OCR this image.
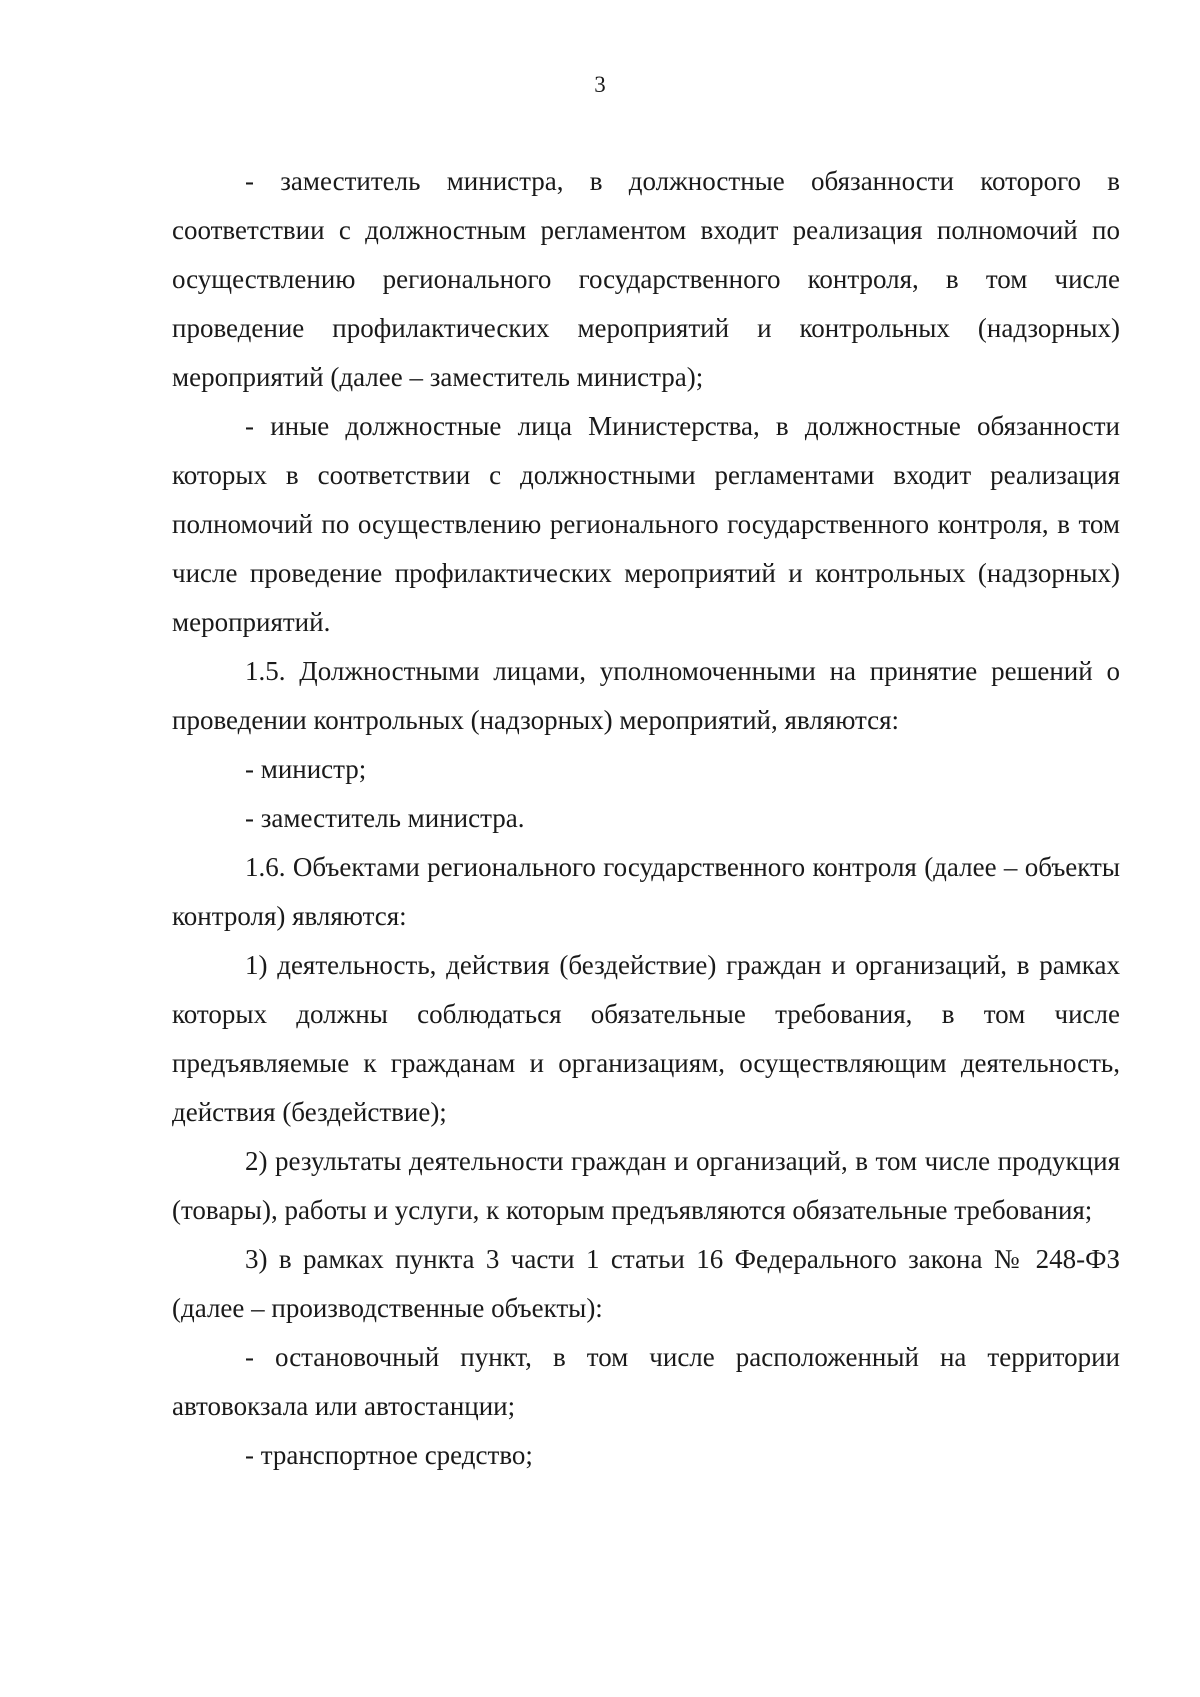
3

- заместитель министра, в должностные обязанности которого в соответствии с должностным регламентом входит реализация полномочий по осуществлению регионального государственного контроля, в том числе проведение профилактических мероприятий и контрольных (надзорных) мероприятий (далее – заместитель министра);

- иные должностные лица Министерства, в должностные обязанности которых в соответствии с должностными регламентами входит реализация полномочий по осуществлению регионального государственного контроля, в том числе проведение профилактических мероприятий и контрольных (надзорных) мероприятий.

1.5. Должностными лицами, уполномоченными на принятие решений о проведении контрольных (надзорных) мероприятий, являются:

- министр;

- заместитель министра.

1.6. Объектами регионального государственного контроля (далее – объекты контроля) являются:

1) деятельность, действия (бездействие) граждан и организаций, в рамках которых должны соблюдаться обязательные требования, в том числе предъявляемые к гражданам и организациям, осуществляющим деятельность, действия (бездействие);

2) результаты деятельности граждан и организаций, в том числе продукция (товары), работы и услуги, к которым предъявляются обязательные требования;

3) в рамках пункта 3 части 1 статьи 16 Федерального закона № 248-ФЗ (далее – производственные объекты):

- остановочный пункт, в том числе расположенный на территории автовокзала или автостанции;

- транспортное средство;
